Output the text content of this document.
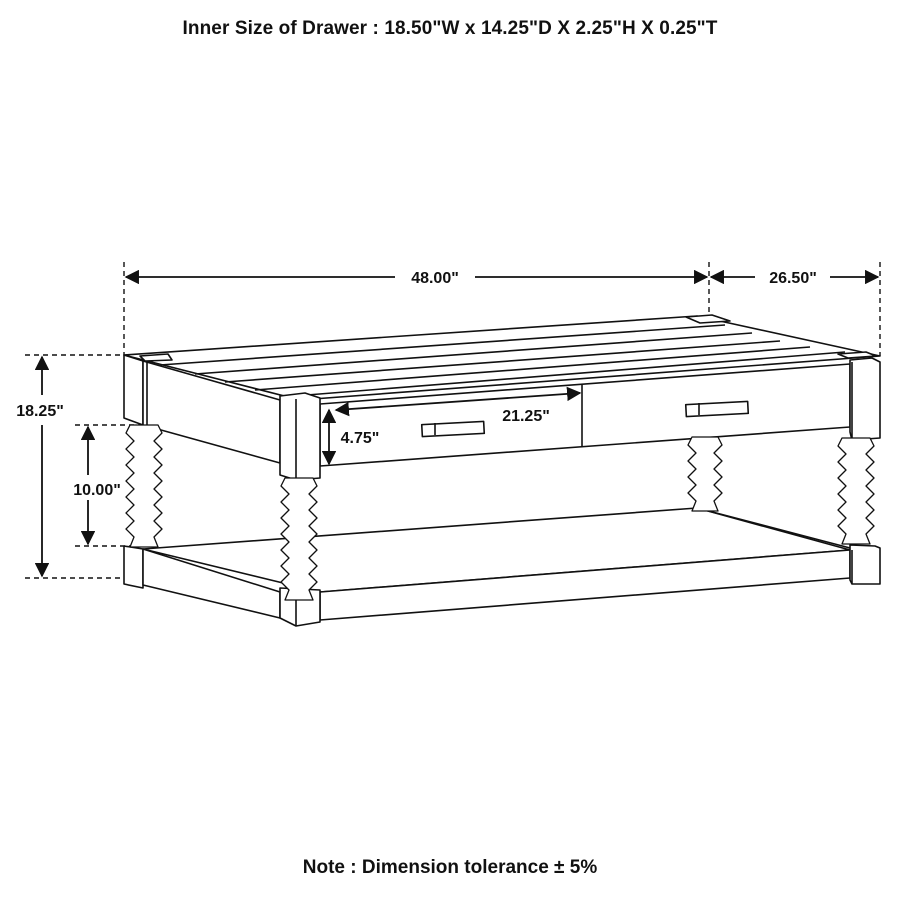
Inner Size of Drawer : 18.50"W x 14.25"D X 2.25"H X 0.25"T
48.00"	26.50"
18.25"
10.00"
21.25"
4.75"
Note : Dimension tolerance ± 5%
